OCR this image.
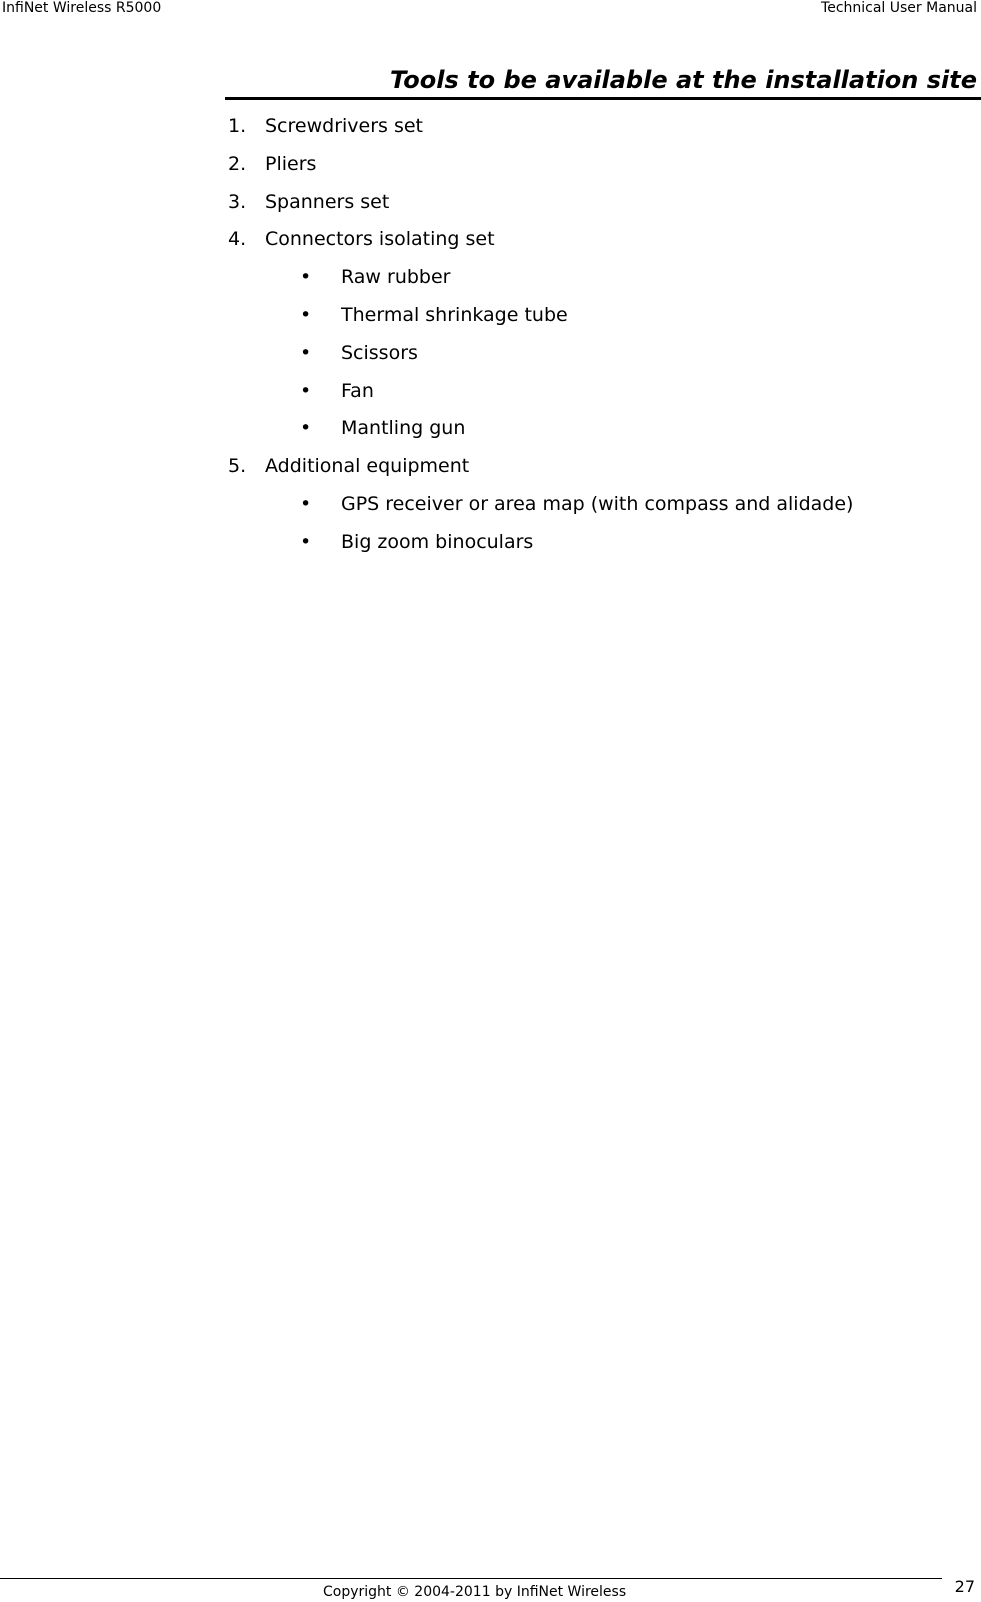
InfiNet Wireless R5000	Technical User Manual
Tools to be available at the installation site
1. Screwdrivers set
2. Pliers
3. Spanners set
4. Connectors isolating set
• Raw rubber
• Thermal shrinkage tube
• Scissors
• Fan
• Mantling gun
5. Additional equipment
• GPS receiver or area map (with compass and alidade)
• Big zoom binoculars
Copyright © 2004-2011 by InfiNet Wireless	27
